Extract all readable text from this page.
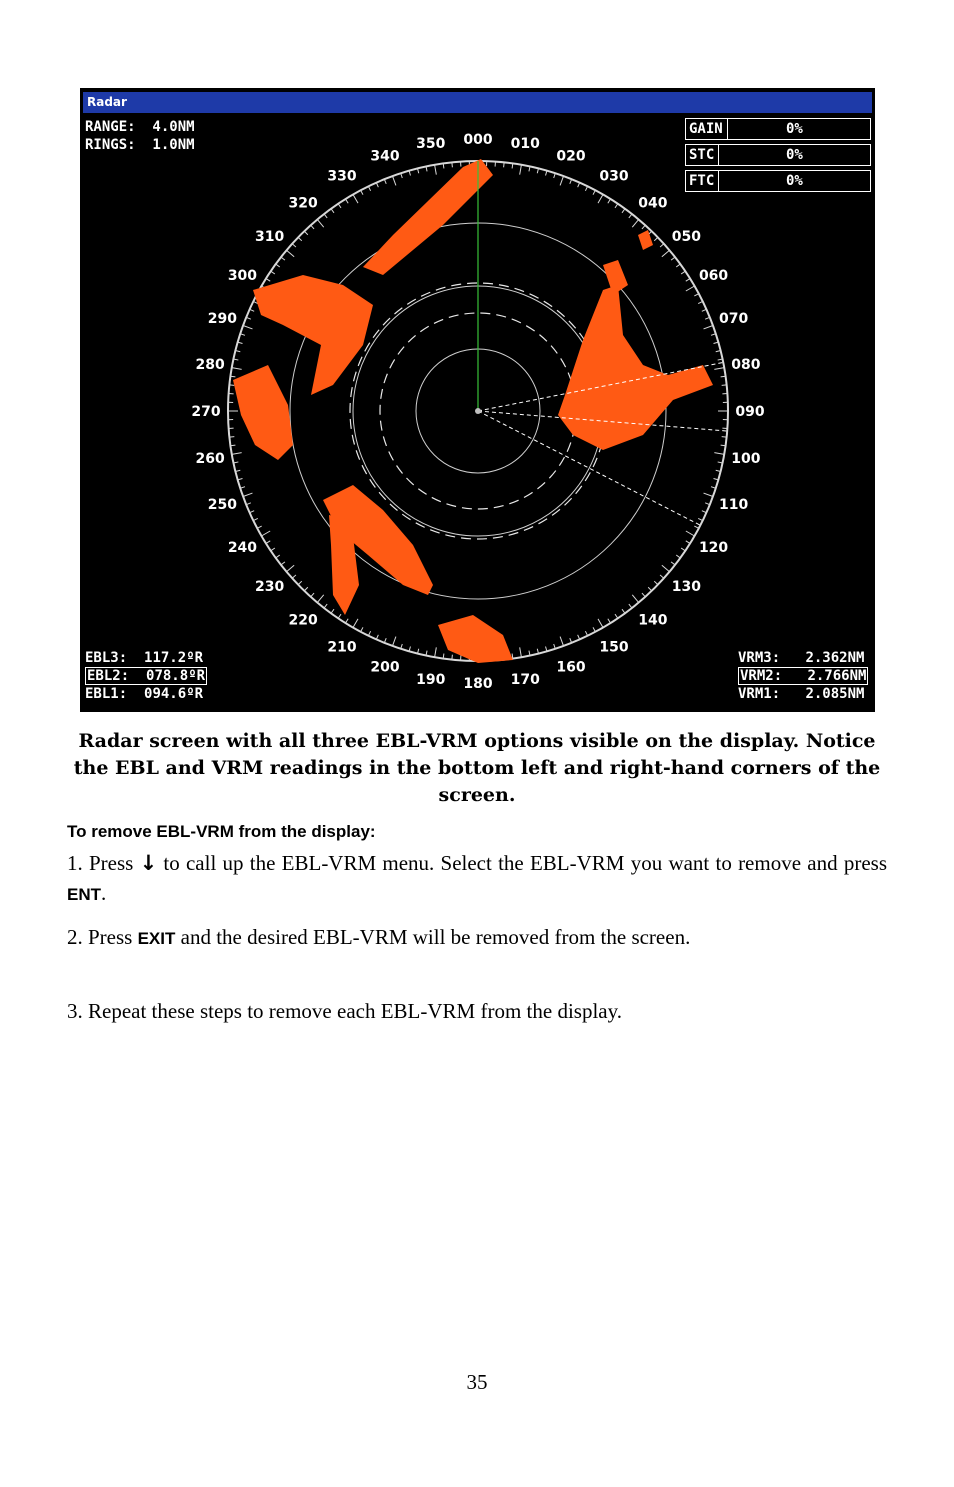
Radar
000 010
020
030
040
050
060
070
080
090
100
110
120
130
140
150
160
170
180
190
200
210
220
230
240
250
260
270
280
290
300
310
320
330
340
350
RANGE:  4.0NM
RINGS:  1.0NM
GAIN	0%
STC	0%
FTC	0%
EBL3: 117.2ºR
EBL2: 078.8ºR
EBL1: 094.6ºR
VRM3: 2.362NM
VRM2: 2.766NM
VRM1: 2.085NM
Radar screen with all three EBL-VRM options visible on the display. Notice the EBL and VRM readings in the bottom left and right-hand corners of the screen.
To remove EBL-VRM from the display:
1. Press ↓ to call up the EBL-VRM menu. Select the EBL-VRM you want to remove and press ENT.
2. Press EXIT and the desired EBL-VRM will be removed from the screen.
3. Repeat these steps to remove each EBL-VRM from the display.
35
